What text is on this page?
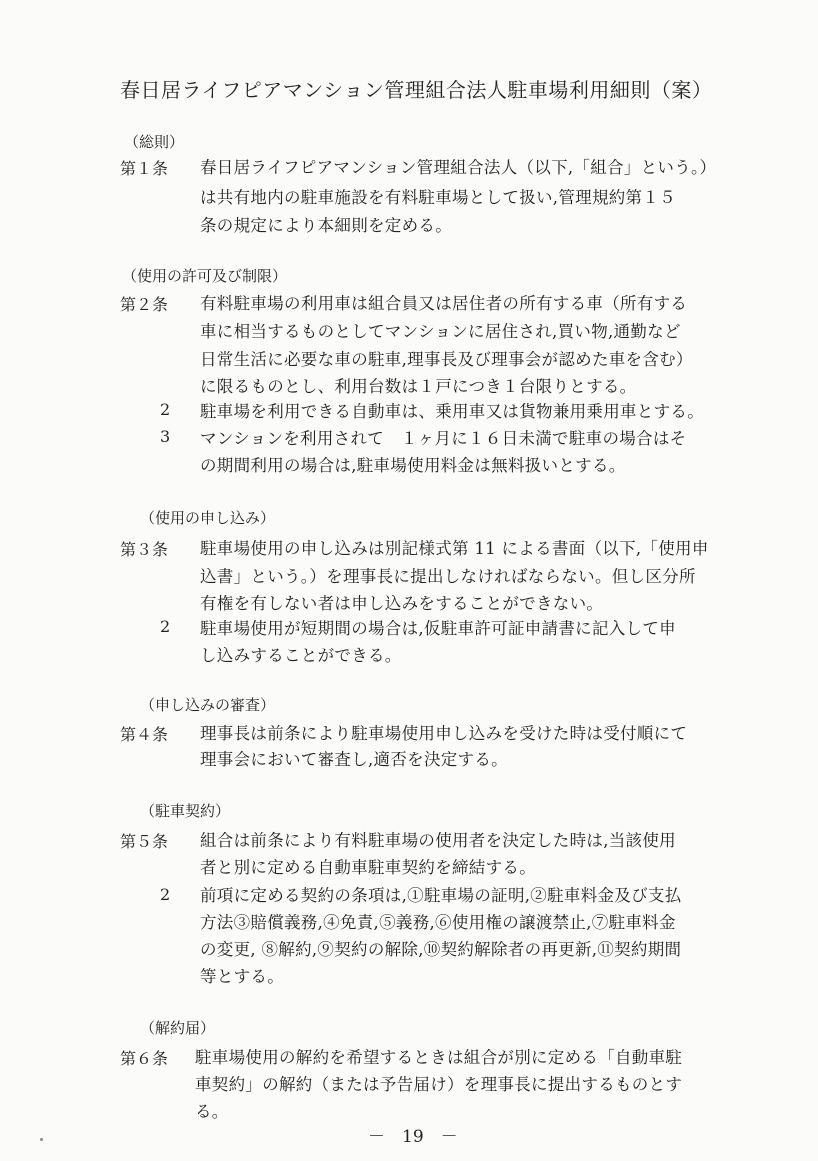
春日居ライフピアマンション管理組合法人駐車場利用細則（案）
（総則）
第１条 春日居ライフピアマンション管理組合法人（以下,「組合」という。）
は共有地内の駐車施設を有料駐車場として扱い,管理規約第１５
条の規定により本細則を定める。
（使用の許可及び制限）
第２条 有料駐車場の利用車は組合員又は居住者の所有する車（所有する
車に相当するものとしてマンションに居住され,買い物,通勤など
日常生活に必要な車の駐車,理事長及び理事会が認めた車を含む）
に限るものとし、利用台数は１戸につき１台限りとする。
2 駐車場を利用できる自動車は、乗用車又は貨物兼用乗用車とする。
3 マンションを利用されて　１ヶ月に１６日未満で駐車の場合はそ
の期間利用の場合は,駐車場使用料金は無料扱いとする。
（使用の申し込み）
第３条 駐車場使用の申し込みは別記様式第 11 による書面（以下,「使用申
込書」という。）を理事長に提出しなければならない。但し区分所
有権を有しない者は申し込みをすることができない。
2 駐車場使用が短期間の場合は,仮駐車許可証申請書に記入して申
し込みすることができる。
（申し込みの審査）
第４条 理事長は前条により駐車場使用申し込みを受けた時は受付順にて
理事会において審査し,適否を決定する。
（駐車契約）
第５条 組合は前条により有料駐車場の使用者を決定した時は,当該使用
者と別に定める自動車駐車契約を締結する。
2 前項に定める契約の条項は,①駐車場の証明,②駐車料金及び支払
方法③賠償義務,④免責,⑤義務,⑥使用権の譲渡禁止,⑦駐車料金
の変更, ⑧解約,⑨契約の解除,⑩契約解除者の再更新,⑪契約期間
等とする。
（解約届）
第６条 駐車場使用の解約を希望するときは組合が別に定める「自動車駐
車契約」の解約（または予告届け）を理事長に提出するものとす
る。
－　19　－
